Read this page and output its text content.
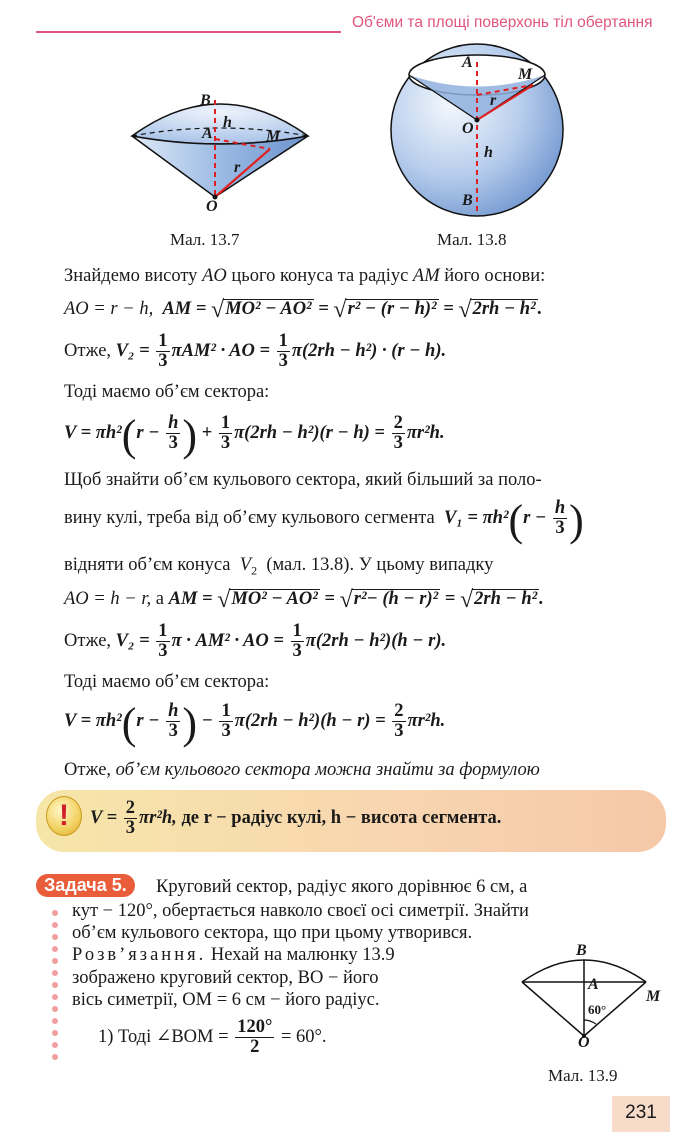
Об'єми та площі поверхонь тіл обертання
B
h
A	M
r
O
Мал. 13.7
A
M
r
O
h
B
Мал. 13.8
Знайдемо висоту AO цього конуса та радіус AM його основи:
AO = r − h, AM = √MO² − AO² = √r² − (r − h)² = √2rh − h² .
Отже, $V_2 = \frac{1}{3} \pi AM^2$ · AO = $\frac{1}{3} \pi(2rh - h^2) \cdot (r - h)$.
Тоді маємо об’єм сектора:
$V = \pi h^2(r - \frac{h}{3}$ ) + $\frac{1}{3} \pi(2rh - h^2)(r - h) = \frac{2}{3} \pi r^2h$.
Щоб знайти об’єм кульового сектора, який більший за поло-
вину кулі, треба від об’єму кульового сегмента $V_1 = \pi h^2(r - \frac{h}{3}$ )
відняти об’єм конуса $V_2$ (мал. 13.8). У цьому випадку
AO = h − r, а AM = √MO² − AO² = √r²− (h − r)² = √2rh − h² .
Отже, $V_2 = \frac{1}{3}$ π · AM² · AO = $\frac{1}{3} \pi(2rh - h^2)(h - r)$.
Тоді маємо об’єм сектора:
$V = \pi h^2(r - \frac{h}{3}$ ) − $\frac{1}{3} \pi(2rh - h^2)(h - r) = \frac{2}{3} \pi r^2h$.
Отже, об’єм кульового сектора можна знайти за формулою
!	$V = \frac{2}{3} \pi r^2h$, де r − радіус кулі, h − висота сегмента.
Задача 5.	Круговий сектор, радіус якого дорівнює 6 см, а
кут − 120°, обертається навколо своєї осі симетрії. Знайти
об’єм кульового сектора, що при цьому утворився.
Розв’язання. Нехай на малюнку 13.9
зображено круговий сектор, BO − його
вісь симетрії, OM = 6 см − його радіус.
1) Тоді ∠BOM = $\frac{120^\circ}{2} = 60^\circ$.
B
A
M
60°
O
Мал. 13.9
231
